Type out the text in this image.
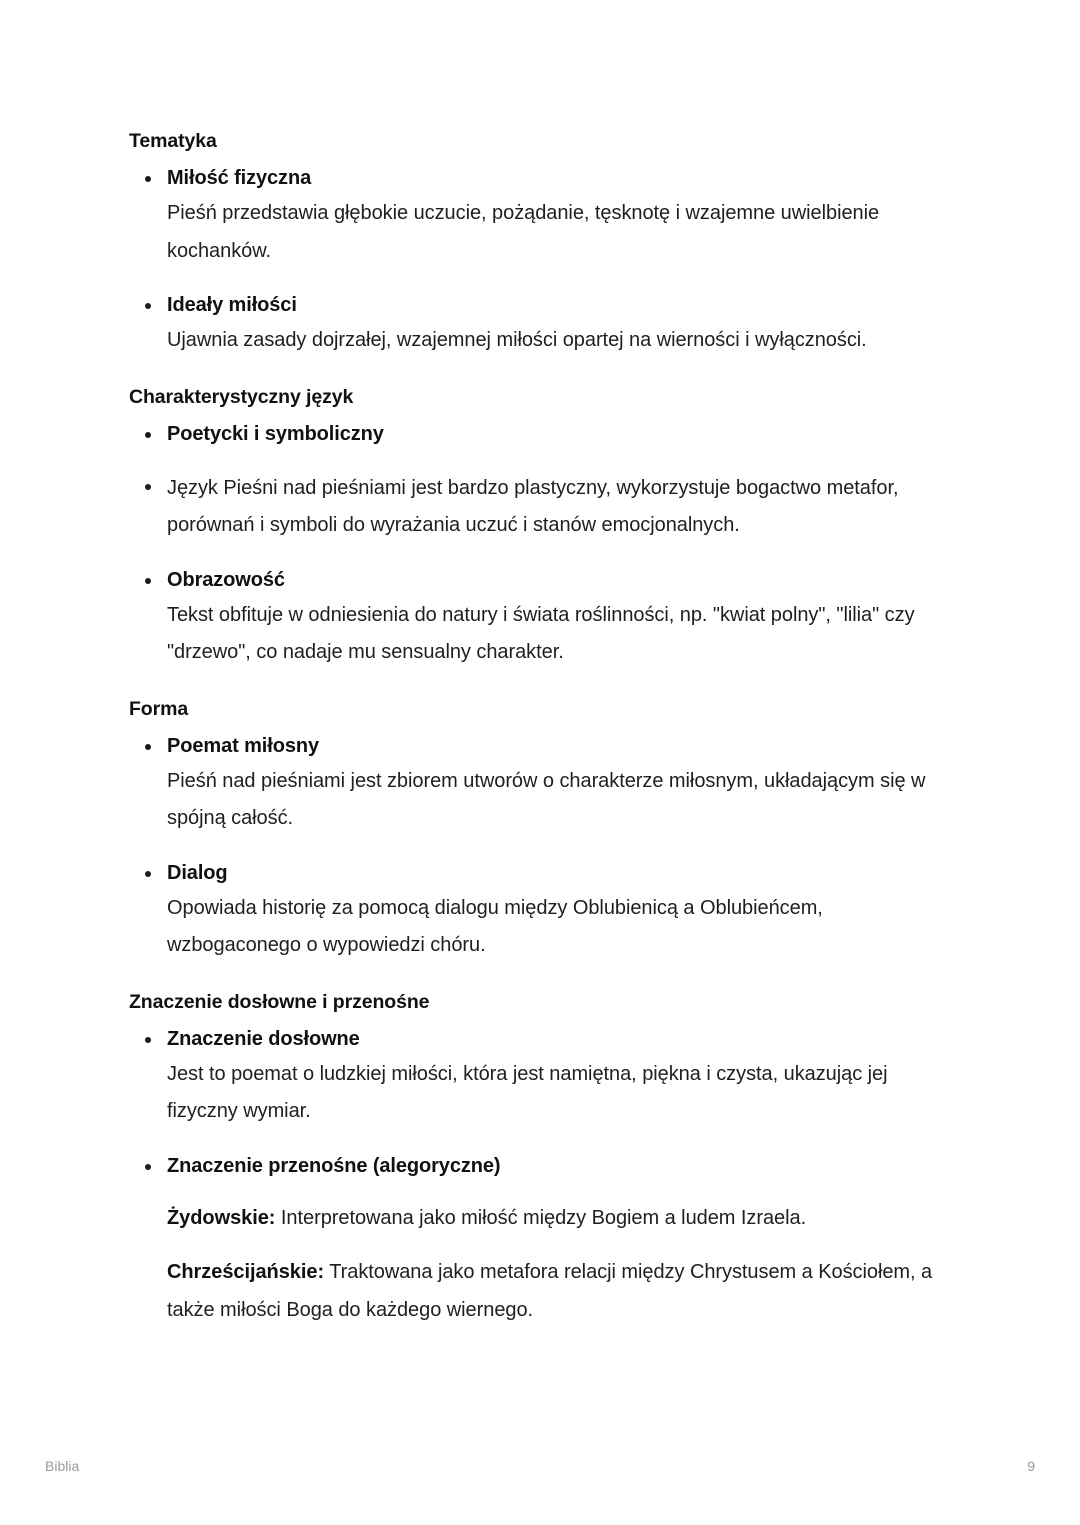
Tematyka
Miłość fizyczna
Pieśń przedstawia głębokie uczucie, pożądanie, tęsknotę i wzajemne uwielbienie kochanków.
Ideały miłości
Ujawnia zasady dojrzałej, wzajemnej miłości opartej na wierności i wyłączności.
Charakterystyczny język
Poetycki i symboliczny
Język Pieśni nad pieśniami jest bardzo plastyczny, wykorzystuje bogactwo metafor, porównań i symboli do wyrażania uczuć i stanów emocjonalnych.
Obrazowość
Tekst obfituje w odniesienia do natury i świata roślinności, np. "kwiat polny", "lilia" czy "drzewo", co nadaje mu sensualny charakter.
Forma
Poemat miłosny
Pieśń nad pieśniami jest zbiorem utworów o charakterze miłosnym, układającym się w spójną całość.
Dialog
Opowiada historię za pomocą dialogu między Oblubienicą a Oblubieńcem, wzbogaconego o wypowiedzi chóru.
Znaczenie dosłowne i przenośne
Znaczenie dosłowne
Jest to poemat o ludzkiej miłości, która jest namiętna, piękna i czysta, ukazując jej fizyczny wymiar.
Znaczenie przenośne (alegoryczne)

Żydowskie: Interpretowana jako miłość między Bogiem a ludem Izraela.

Chrześcijańskie: Traktowana jako metafora relacji między Chrystusem a Kościołem, a także miłości Boga do każdego wiernego.

Biblia	9
